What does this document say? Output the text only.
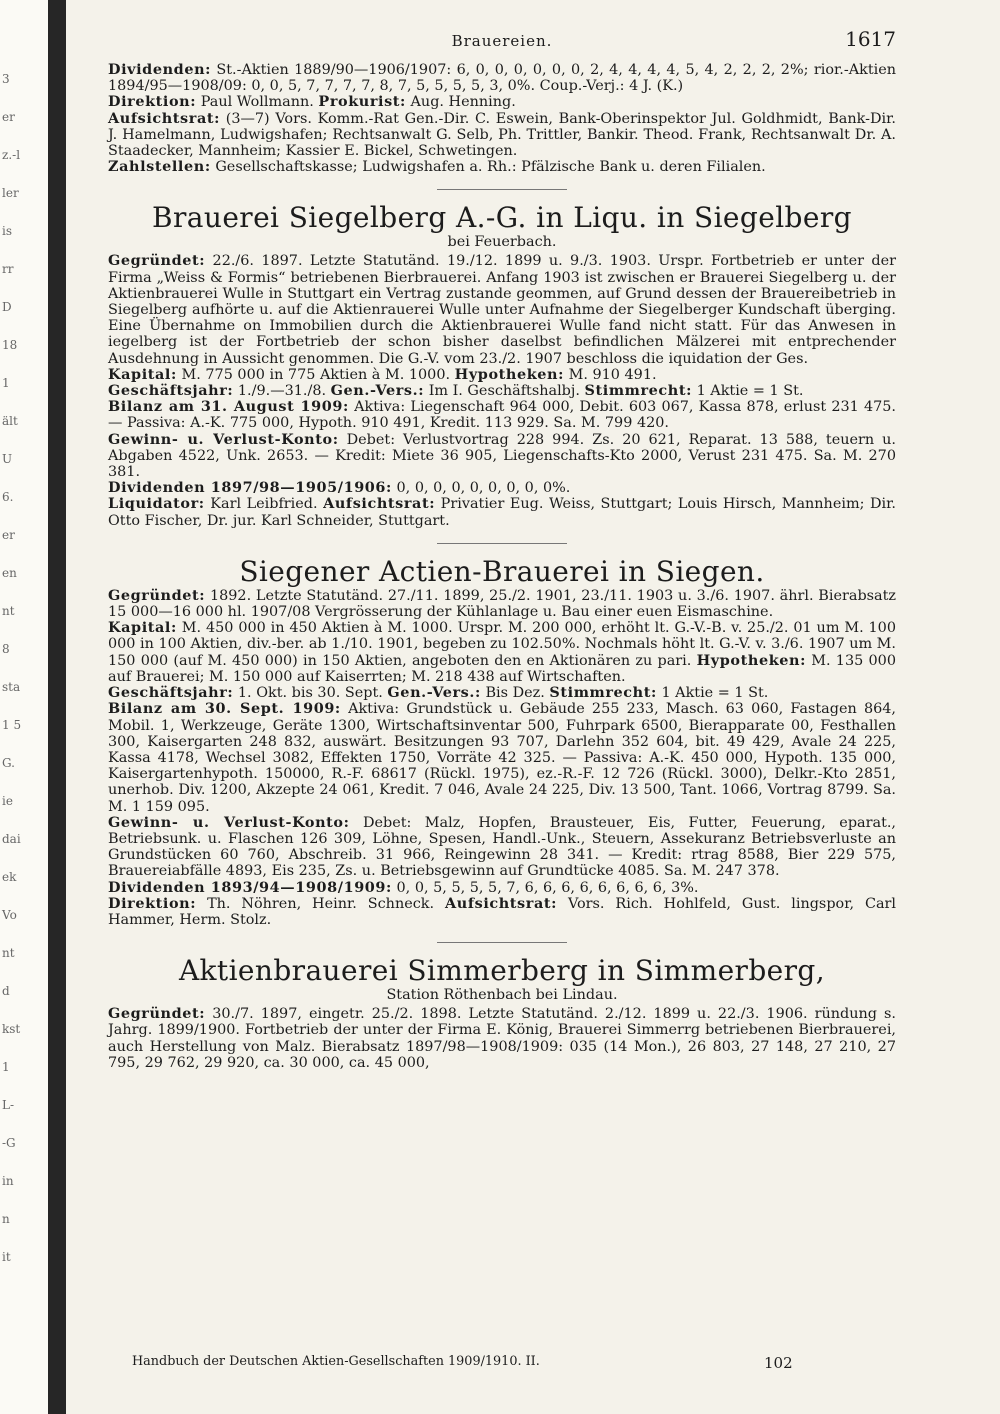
3
er
z.-l
ler
is
rr
D
18
1
ält
U
6.
er
en
nt
8
sta
1 5
G.
ie
dai
ek
Vo
nt
d
kst
1
L-
-G
in
n
it
Brauereien.	1617

Dividenden: St.-Aktien 1889/90—1906/1907: 6, 0, 0, 0, 0, 0, 0, 2, 4, 4, 4, 4, 5, 4, 2, 2, 2, 2%; rior.-Aktien 1894/95—1908/09: 0, 0, 5, 7, 7, 7, 7, 8, 7, 5, 5, 5, 5, 3, 0%. Coup.-Verj.: 4 J. (K.)

Direktion: Paul Wollmann. Prokurist: Aug. Henning.

Aufsichtsrat: (3—7) Vors. Komm.-Rat Gen.-Dir. C. Eswein, Bank-Oberinspektor Jul. Goldhmidt, Bank-Dir. J. Hamelmann, Ludwigshafen; Rechtsanwalt G. Selb, Ph. Trittler, Bankir. Theod. Frank, Rechtsanwalt Dr. A. Staadecker, Mannheim; Kassier E. Bickel, Schwetingen.

Zahlstellen: Gesellschaftskasse; Ludwigshafen a. Rh.: Pfälzische Bank u. deren Filialen.

Brauerei Siegelberg A.-G. in Liqu. in Siegelberg
bei Feuerbach.

Gegründet: 22./6. 1897. Letzte Statutänd. 19./12. 1899 u. 9./3. 1903. Urspr. Fortbetrieb er unter der Firma „Weiss & Formis“ betriebenen Bierbrauerei. Anfang 1903 ist zwischen er Brauerei Siegelberg u. der Aktienbrauerei Wulle in Stuttgart ein Vertrag zustande geommen, auf Grund dessen der Brauereibetrieb in Siegelberg aufhörte u. auf die Aktienrauerei Wulle unter Aufnahme der Siegelberger Kundschaft überging. Eine Übernahme on Immobilien durch die Aktienbrauerei Wulle fand nicht statt. Für das Anwesen in iegelberg ist der Fortbetrieb der schon bisher daselbst befindlichen Mälzerei mit entprechender Ausdehnung in Aussicht genommen. Die G.-V. vom 23./2. 1907 beschloss die iquidation der Ges.

Kapital: M. 775 000 in 775 Aktien à M. 1000. Hypotheken: M. 910 491.

Geschäftsjahr: 1./9.—31./8. Gen.-Vers.: Im I. Geschäftshalbj. Stimmrecht: 1 Aktie = 1 St.

Bilanz am 31. August 1909: Aktiva: Liegenschaft 964 000, Debit. 603 067, Kassa 878, erlust 231 475. — Passiva: A.-K. 775 000, Hypoth. 910 491, Kredit. 113 929. Sa. M. 799 420.

Gewinn- u. Verlust-Konto: Debet: Verlustvortrag 228 994. Zs. 20 621, Reparat. 13 588, teuern u. Abgaben 4522, Unk. 2653. — Kredit: Miete 36 905, Liegenschafts-Kto 2000, Verust 231 475. Sa. M. 270 381.

Dividenden 1897/98—1905/1906: 0, 0, 0, 0, 0, 0, 0, 0, 0%.

Liquidator: Karl Leibfried. Aufsichtsrat: Privatier Eug. Weiss, Stuttgart; Louis Hirsch, Mannheim; Dir. Otto Fischer, Dr. jur. Karl Schneider, Stuttgart.

Siegener Actien-Brauerei in Siegen.

Gegründet: 1892. Letzte Statutänd. 27./11. 1899, 25./2. 1901, 23./11. 1903 u. 3./6. 1907. ährl. Bierabsatz 15 000—16 000 hl. 1907/08 Vergrösserung der Kühlanlage u. Bau einer euen Eismaschine.

Kapital: M. 450 000 in 450 Aktien à M. 1000. Urspr. M. 200 000, erhöht lt. G.-V.-B. v. 25./2. 01 um M. 100 000 in 100 Aktien, div.-ber. ab 1./10. 1901, begeben zu 102.50%. Nochmals höht lt. G.-V. v. 3./6. 1907 um M. 150 000 (auf M. 450 000) in 150 Aktien, angeboten den en Aktionären zu pari. Hypotheken: M. 135 000 auf Brauerei; M. 150 000 auf Kaiserrten; M. 218 438 auf Wirtschaften.

Geschäftsjahr: 1. Okt. bis 30. Sept. Gen.-Vers.: Bis Dez. Stimmrecht: 1 Aktie = 1 St.

Bilanz am 30. Sept. 1909: Aktiva: Grundstück u. Gebäude 255 233, Masch. 63 060, Fastagen 864, Mobil. 1, Werkzeuge, Geräte 1300, Wirtschaftsinventar 500, Fuhrpark 6500, Bierapparate 00, Festhallen 300, Kaisergarten 248 832, auswärt. Besitzungen 93 707, Darlehn 352 604, bit. 49 429, Avale 24 225, Kassa 4178, Wechsel 3082, Effekten 1750, Vorräte 42 325. — Passiva: A.-K. 450 000, Hypoth. 135 000, Kaisergartenhypoth. 150000, R.-F. 68617 (Rückl. 1975), ez.-R.-F. 12 726 (Rückl. 3000), Delkr.-Kto 2851, unerhob. Div. 1200, Akzepte 24 061, Kredit. 7 046, Avale 24 225, Div. 13 500, Tant. 1066, Vortrag 8799. Sa. M. 1 159 095.

Gewinn- u. Verlust-Konto: Debet: Malz, Hopfen, Brausteuer, Eis, Futter, Feuerung, eparat., Betriebsunk. u. Flaschen 126 309, Löhne, Spesen, Handl.-Unk., Steuern, Assekuranz Betriebsverluste an Grundstücken 60 760, Abschreib. 31 966, Reingewinn 28 341. — Kredit: rtrag 8588, Bier 229 575, Brauereiabfälle 4893, Eis 235, Zs. u. Betriebsgewinn auf Grundtücke 4085. Sa. M. 247 378.

Dividenden 1893/94—1908/1909: 0, 0, 5, 5, 5, 5, 7, 6, 6, 6, 6, 6, 6, 6, 6, 3%.

Direktion: Th. Nöhren, Heinr. Schneck. Aufsichtsrat: Vors. Rich. Hohlfeld, Gust. lingspor, Carl Hammer, Herm. Stolz.

Aktienbrauerei Simmerberg in Simmerberg,
Station Röthenbach bei Lindau.

Gegründet: 30./7. 1897, eingetr. 25./2. 1898. Letzte Statutänd. 2./12. 1899 u. 22./3. 1906. ründung s. Jahrg. 1899/1900. Fortbetrieb der unter der Firma E. König, Brauerei Simmerrg betriebenen Bierbrauerei, auch Herstellung von Malz. Bierabsatz 1897/98—1908/1909: 035 (14 Mon.), 26 803, 27 148, 27 210, 27 795, 29 762, 29 920, ca. 30 000, ca. 45 000,

Handbuch der Deutschen Aktien-Gesellschaften 1909/1910. II.	102
